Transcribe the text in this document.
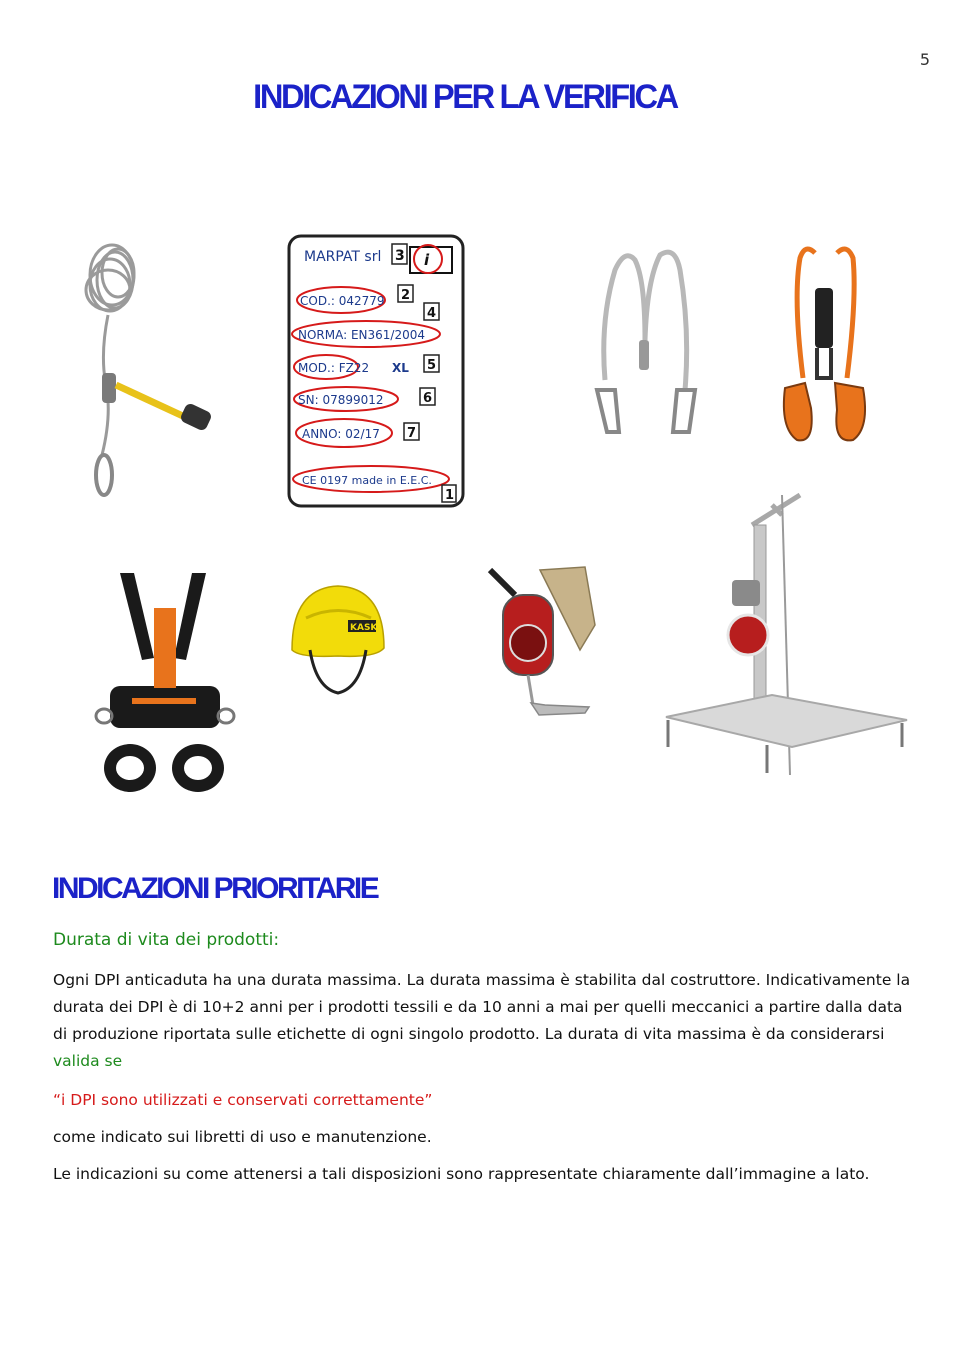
5
INDICAZIONI PER LA VERIFICA
MARPAT srl 3 i
COD.: 042779 2
4
NORMA: EN361/2004
MOD.: FZ22 XL 5
SN: 07899012	6
ANNO: 02/17 7
CE 0197 made in E.E.C.
1
KASK
INDICAZIONI PRIORITARIE
Durata di vita dei prodotti:
Ogni DPI anticaduta ha una durata massima. La durata massima è stabilita dal costruttore. Indicativamente la durata dei DPI è di 10+2 anni per i prodotti tessili e da 10 anni a mai per quelli meccanici a partire dalla data di produzione riportata sulle etichette di ogni singolo prodotto. La durata di vita massima è da considerarsi
valida se
“i DPI sono utilizzati e conservati correttamente”
come indicato sui libretti di uso e manutenzione.
Le indicazioni su come attenersi a tali disposizioni sono rappresentate chiaramente dall’immagine a lato.
